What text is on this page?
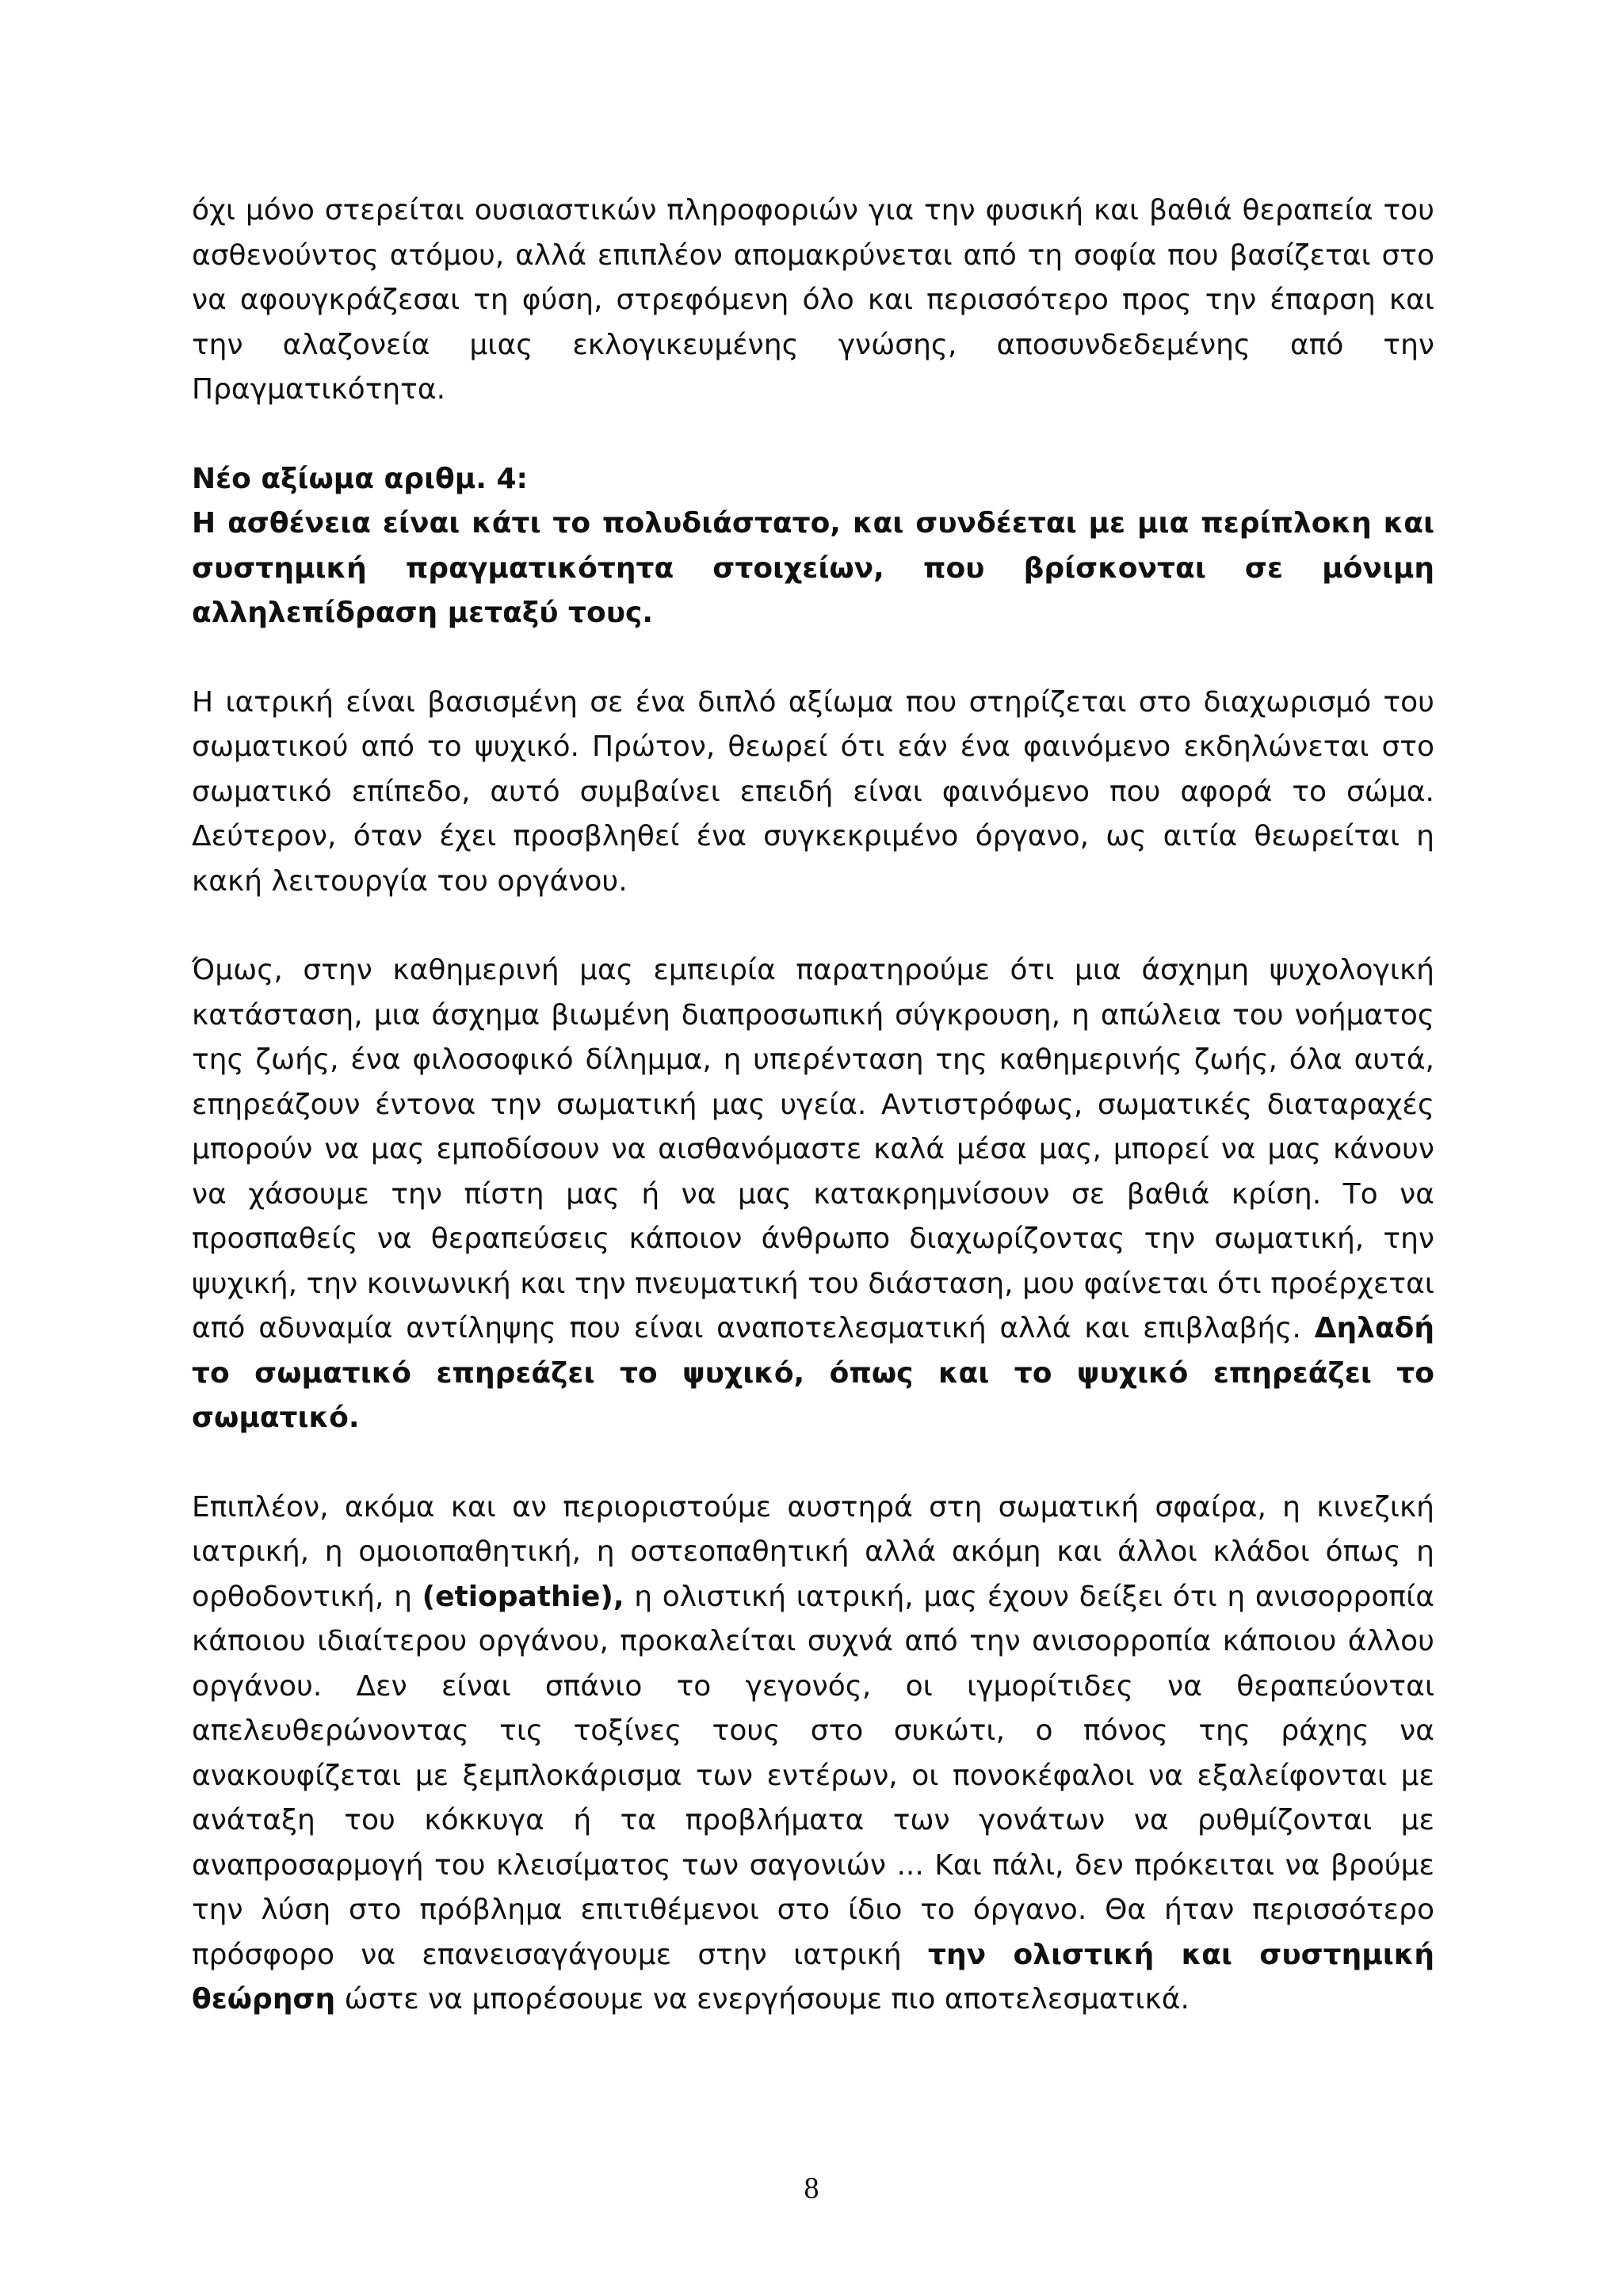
όχι μόνο στερείται ουσιαστικών πληροφοριών για την φυσική και βαθιά θεραπεία του ασθενούντος ατόμου, αλλά επιπλέον απομακρύνεται από τη σοφία που βασίζεται στο να αφουγκράζεσαι τη φύση, στρεφόμενη όλο και περισσότερο προς την έπαρση και την αλαζονεία μιας εκλογικευμένης γνώσης, αποσυνδεδεμένης από την Πραγματικότητα.

Νέο αξίωμα αριθμ. 4:

Η ασθένεια είναι κάτι το πολυδιάστατο, και συνδέεται με μια περίπλοκη και συστημική πραγματικότητα στοιχείων, που βρίσκονται σε μόνιμη αλληλεπίδραση μεταξύ τους.

Η ιατρική είναι βασισμένη σε ένα διπλό αξίωμα που στηρίζεται στο διαχωρισμό του σωματικού από το ψυχικό. Πρώτον, θεωρεί ότι εάν ένα φαινόμενο εκδηλώνεται στο σωματικό επίπεδο, αυτό συμβαίνει επειδή είναι φαινόμενο που αφορά το σώμα. Δεύτερον, όταν έχει προσβληθεί ένα συγκεκριμένο όργανο, ως αιτία θεωρείται η κακή λειτουργία του οργάνου.

Όμως, στην καθημερινή μας εμπειρία παρατηρούμε ότι μια άσχημη ψυχολογική κατάσταση, μια άσχημα βιωμένη διαπροσωπική σύγκρουση, η απώλεια του νοήματος της ζωής, ένα φιλοσοφικό δίλημμα, η υπερένταση της καθημερινής ζωής, όλα αυτά, επηρεάζουν έντονα την σωματική μας υγεία. Αντιστρόφως, σωματικές διαταραχές μπορούν να μας εμποδίσουν να αισθανόμαστε καλά μέσα μας, μπορεί να μας κάνουν να χάσουμε την πίστη μας ή να μας κατακρημνίσουν σε βαθιά κρίση. Το να προσπαθείς να θεραπεύσεις κάποιον άνθρωπο διαχωρίζοντας την σωματική, την ψυχική, την κοινωνική και την πνευματική του διάσταση, μου φαίνεται ότι προέρχεται από αδυναμία αντίληψης που είναι αναποτελεσματική αλλά και επιβλαβής. Δηλαδή το σωματικό επηρεάζει το ψυχικό, όπως και το ψυχικό επηρεάζει το σωματικό.

Επιπλέον, ακόμα και αν περιοριστούμε αυστηρά στη σωματική σφαίρα, η κινεζική ιατρική, η ομοιοπαθητική, η οστεοπαθητική αλλά ακόμη και άλλοι κλάδοι όπως η ορθοδοντική, η (etiopathie), η ολιστική ιατρική, μας έχουν δείξει ότι η ανισορροπία κάποιου ιδιαίτερου οργάνου, προκαλείται συχνά από την ανισορροπία κάποιου άλλου οργάνου. Δεν είναι σπάνιο το γεγονός, οι ιγμορίτιδες να θεραπεύονται απελευθερώνοντας τις τοξίνες τους στο συκώτι, ο πόνος της ράχης να ανακουφίζεται με ξεμπλοκάρισμα των εντέρων, οι πονοκέφαλοι να εξαλείφονται με ανάταξη του κόκκυγα ή τα προβλήματα των γονάτων να ρυθμίζονται με αναπροσαρμογή του κλεισίματος των σαγονιών ... Και πάλι, δεν πρόκειται να βρούμε την λύση στο πρόβλημα επιτιθέμενοι στο ίδιο το όργανο. Θα ήταν περισσότερο πρόσφορο να επανεισαγάγουμε στην ιατρική την ολιστική και συστημική θεώρηση ώστε να μπορέσουμε να ενεργήσουμε πιο αποτελεσματικά.

8
